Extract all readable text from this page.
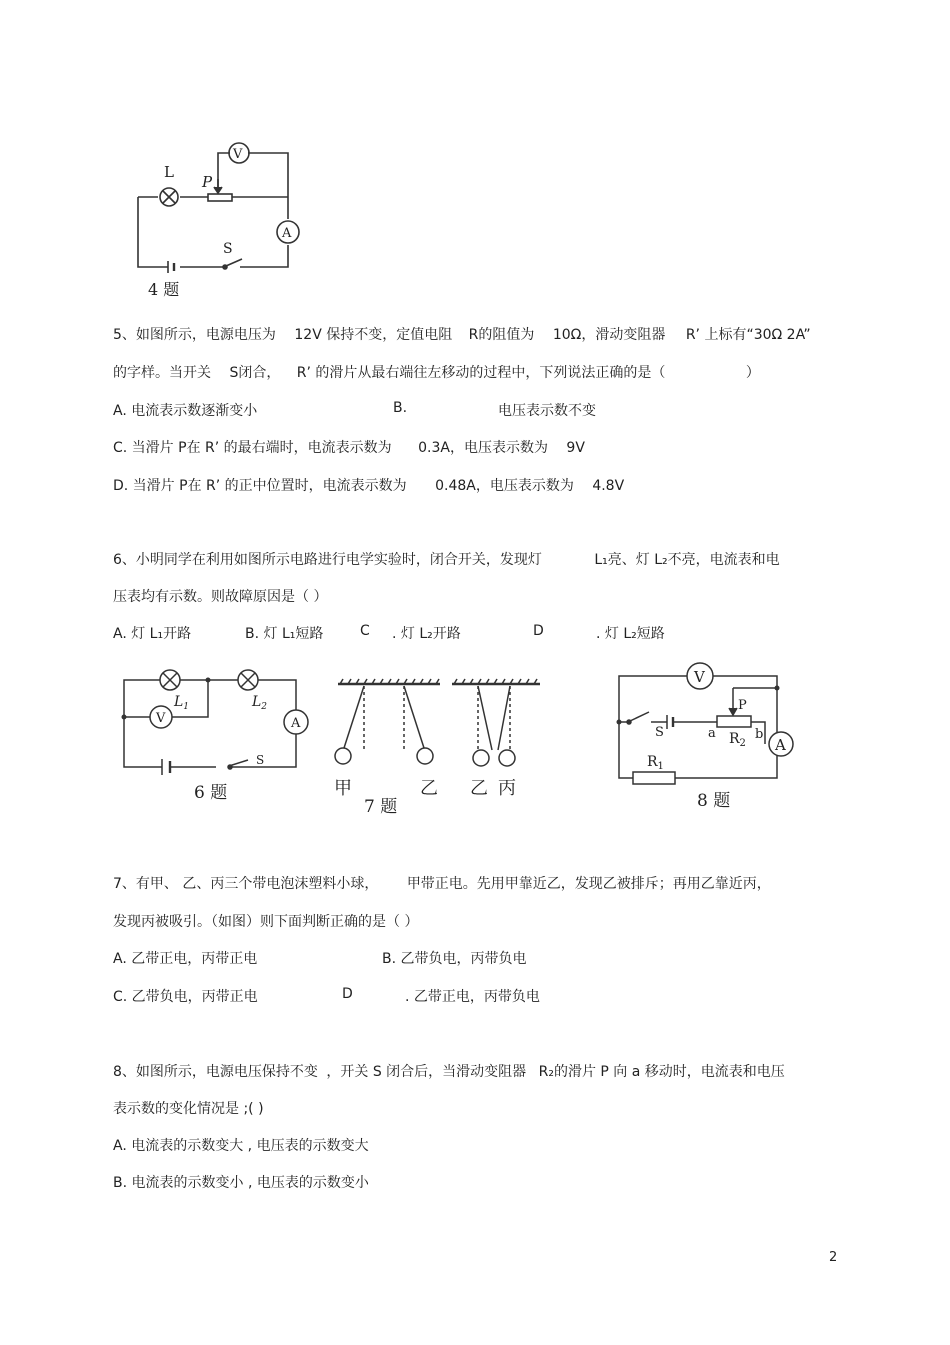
L
P
V
A
S
4 题
5、如图所示，电源电压为 12V 保持不变，定值电阻 R的阻值为 10Ω，滑动变阻器 R’ 上标有“30Ω 2A”
的字样。当开关 S闭合， R’ 的滑片从最右端往左移动的过程中，下列说法正确的是（	）
A. 电流表示数逐渐变小	B.	电压表示数不变
C. 当滑片 P在 R’ 的最右端时，电流表示数为 0.3A，电压表示数为 9V
D. 当滑片 P在 R’ 的正中位置时，电流表示数为 0.48A，电压表示数为 4.8V
6、小明同学在利用如图所示电路进行电学实验时，闭合开关，发现灯	L₁亮、灯 L₂不亮，电流表和电
压表均有示数。则故障原因是（ ）
A. 灯 L₁开路	B. 灯 L₁短路	C . 灯 L₂开路	D	. 灯 L₂短路
$L_1$	$L_2$
V	A
S
6 题	甲	乙 乙 丙
7 题
V
A
S
P
a	b
$R_2$
$R_1$
8 题
7、有甲、 乙、丙三个带电泡沫塑料小球， 甲带正电。先用甲靠近乙，发现乙被排斥；再用乙靠近丙，
发现丙被吸引。（如图）则下面判断正确的是（ ）
A. 乙带正电，丙带正电	B. 乙带负电，丙带负电
C. 乙带负电，丙带正电	D	. 乙带正电，丙带负电
8、如图所示，电源电压保持不变 ，开关 S 闭合后，当滑动变阻器 R₂的滑片 P 向 a 移动时，电流表和电压
表示数的变化情况是 ;( )
A. 电流表的示数变大 , 电压表的示数变大
B. 电流表的示数变小 , 电压表的示数变小
2
